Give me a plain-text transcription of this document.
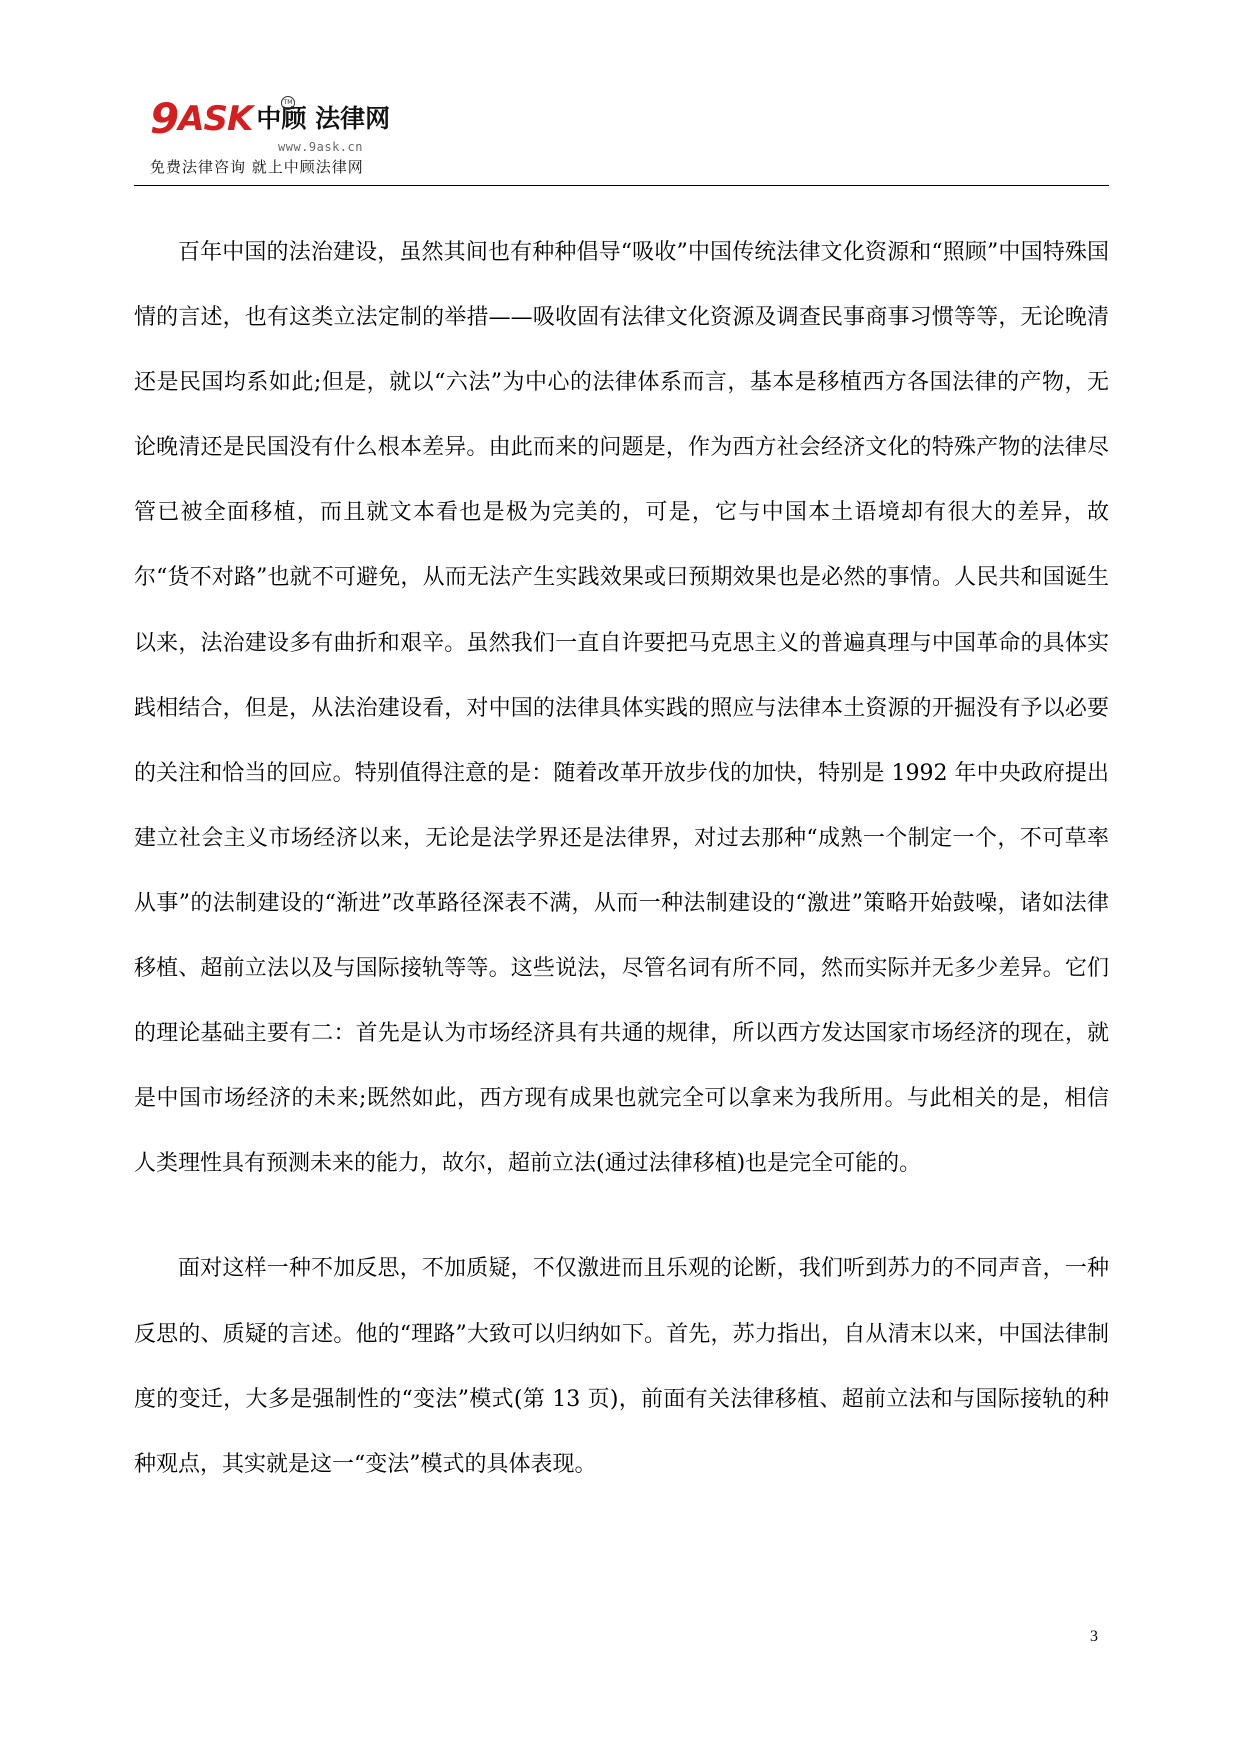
9 ASK 中顾 法律网
TM
www.9ask.cn
免费法律咨询 就上中顾法律网

百年中国的法治建设，虽然其间也有种种倡导“吸收”中国传统法律文化资源和“照顾”中国特殊国情的言述，也有这类立法定制的举措——吸收固有法律文化资源及调查民事商事习惯等等，无论晚清还是民国均系如此;但是，就以“六法”为中心的法律体系而言，基本是移植西方各国法律的产物，无论晚清还是民国没有什么根本差异。由此而来的问题是，作为西方社会经济文化的特殊产物的法律尽管已被全面移植，而且就文本看也是极为完美的，可是，它与中国本土语境却有很大的差异，故尔“货不对路”也就不可避免，从而无法产生实践效果或曰预期效果也是必然的事情。人民共和国诞生以来，法治建设多有曲折和艰辛。虽然我们一直自许要把马克思主义的普遍真理与中国革命的具体实践相结合，但是，从法治建设看，对中国的法律具体实践的照应与法律本土资源的开掘没有予以必要的关注和恰当的回应。特别值得注意的是：随着改革开放步伐的加快，特别是 1992 年中央政府提出建立社会主义市场经济以来，无论是法学界还是法律界，对过去那种“成熟一个制定一个，不可草率从事”的法制建设的“渐进”改革路径深表不满，从而一种法制建设的“激进”策略开始鼓噪，诸如法律移植、超前立法以及与国际接轨等等。这些说法，尽管名词有所不同，然而实际并无多少差异。它们的理论基础主要有二：首先是认为市场经济具有共通的规律，所以西方发达国家市场经济的现在，就是中国市场经济的未来;既然如此，西方现有成果也就完全可以拿来为我所用。与此相关的是，相信人类理性具有预测未来的能力，故尔，超前立法(通过法律移植)也是完全可能的。

面对这样一种不加反思，不加质疑，不仅激进而且乐观的论断，我们听到苏力的不同声音，一种反思的、质疑的言述。他的“理路”大致可以归纳如下。首先，苏力指出，自从清末以来，中国法律制度的变迁，大多是强制性的“变法”模式(第 13 页)，前面有关法律移植、超前立法和与国际接轨的种种观点，其实就是这一“变法”模式的具体表现。

3
